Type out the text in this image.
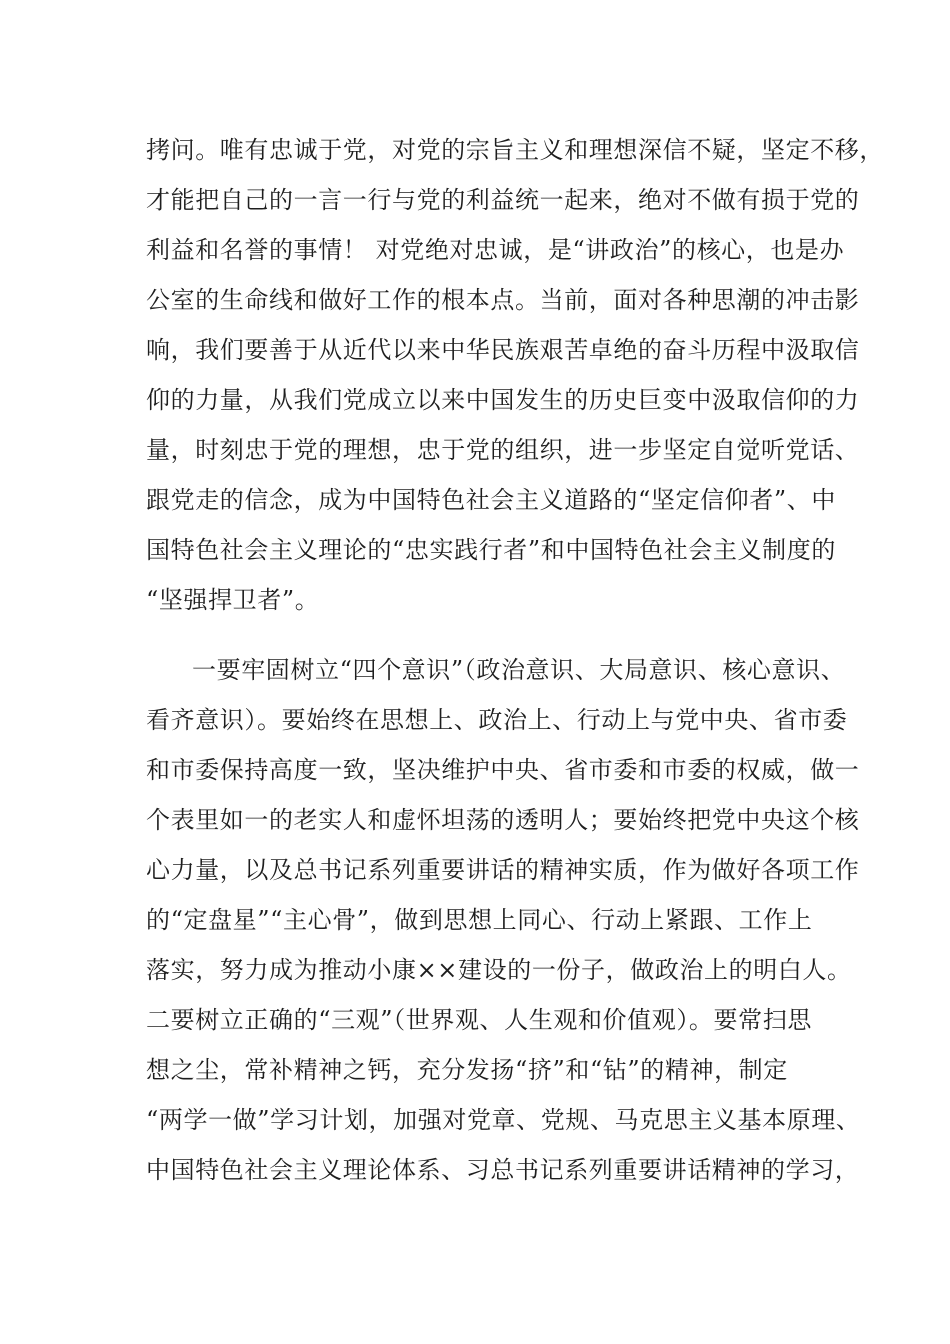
拷问。唯有忠诚于党，对党的宗旨主义和理想深信不疑，坚定不移，
才能把自己的一言一行与党的利益统一起来，绝对不做有损于党的
利益和名誉的事情！ 对党绝对忠诚，是“讲政治”的核心，也是办
公室的生命线和做好工作的根本点。当前，面对各种思潮的冲击影
响，我们要善于从近代以来中华民族艰苦卓绝的奋斗历程中汲取信
仰的力量，从我们党成立以来中国发生的历史巨变中汲取信仰的力
量，时刻忠于党的理想，忠于党的组织，进一步坚定自觉听党话、
跟党走的信念，成为中国特色社会主义道路的“坚定信仰者”、中
国特色社会主义理论的“忠实践行者”和中国特色社会主义制度的
“坚强捍卫者”。
一要牢固树立“四个意识”（政治意识、大局意识、核心意识、
看齐意识）。要始终在思想上、政治上、行动上与党中央、省市委
和市委保持高度一致，坚决维护中央、省市委和市委的权威，做一
个表里如一的老实人和虚怀坦荡的透明人；要始终把党中央这个核
心力量，以及总书记系列重要讲话的精神实质，作为做好各项工作
的“定盘星”“主心骨”，做到思想上同心、行动上紧跟、工作上
落实，努力成为推动小康××建设的一份子，做政治上的明白人。
二要树立正确的“三观”（世界观、人生观和价值观）。要常扫思
想之尘，常补精神之钙，充分发扬“挤”和“钻”的精神，制定
“两学一做”学习计划，加强对党章、党规、马克思主义基本原理、
中国特色社会主义理论体系、习总书记系列重要讲话精神的学习，
